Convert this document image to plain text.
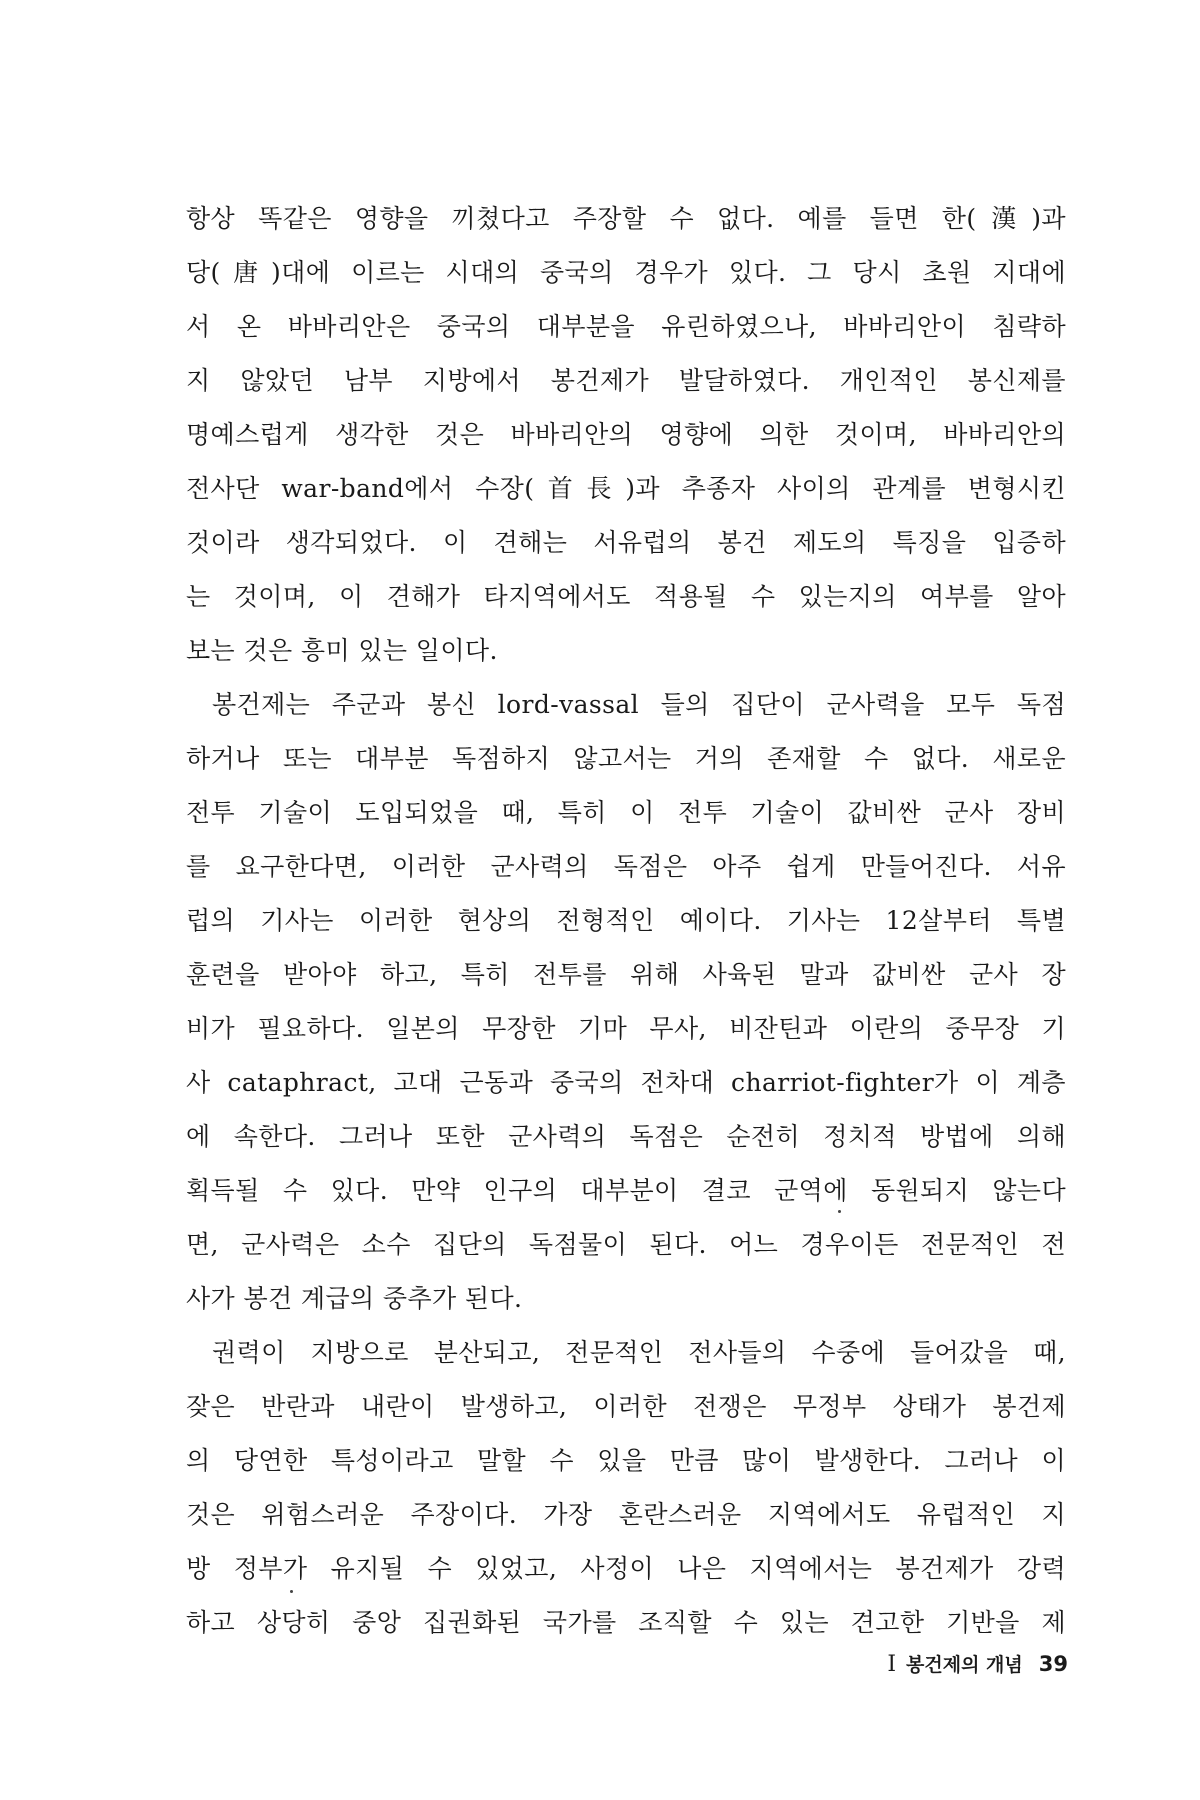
항상 똑같은 영향을 끼쳤다고 주장할 수 없다. 예를 들면 한(漢)과
당(唐)대에 이르는 시대의 중국의 경우가 있다. 그 당시 초원 지대에
서 온 바바리안은 중국의 대부분을 유린하였으나, 바바리안이 침략하
지 않았던 남부 지방에서 봉건제가 발달하였다. 개인적인 봉신제를
명예스럽게 생각한 것은 바바리안의 영향에 의한 것이며, 바바리안의
전사단 war-band에서 수장(首長)과 추종자 사이의 관계를 변형시킨
것이라 생각되었다. 이 견해는 서유럽의 봉건 제도의 특징을 입증하
는 것이며, 이 견해가 타지역에서도 적용될 수 있는지의 여부를 알아
보는 것은 흥미 있는 일이다.

봉건제는 주군과 봉신 lord-vassal 들의 집단이 군사력을 모두 독점
하거나 또는 대부분 독점하지 않고서는 거의 존재할 수 없다. 새로운
전투 기술이 도입되었을 때, 특히 이 전투 기술이 값비싼 군사 장비
를 요구한다면, 이러한 군사력의 독점은 아주 쉽게 만들어진다. 서유
럽의 기사는 이러한 현상의 전형적인 예이다. 기사는 12살부터 특별
훈련을 받아야 하고, 특히 전투를 위해 사육된 말과 값비싼 군사 장
비가 필요하다. 일본의 무장한 기마 무사, 비잔틴과 이란의 중무장 기
사 cataphract, 고대 근동과 중국의 전차대 charriot-fighter가 이 계층
에 속한다. 그러나 또한 군사력의 독점은 순전히 정치적 방법에 의해
획득될 수 있다. 만약 인구의 대부분이 결코 군역에 동원되지 않는다
면, 군사력은 소수 집단의 독점물이 된다. 어느 경우이든 전문적인 전
사가 봉건 계급의 중추가 된다.

권력이 지방으로 분산되고, 전문적인 전사들의 수중에 들어갔을 때,
잦은 반란과 내란이 발생하고, 이러한 전쟁은 무정부 상태가 봉건제
의 당연한 특성이라고 말할 수 있을 만큼 많이 발생한다. 그러나 이
것은 위험스러운 주장이다. 가장 혼란스러운 지역에서도 유럽적인 지
방 정부가 유지될 수 있었고, 사정이 나은 지역에서는 봉건제가 강력
하고 상당히 중앙 집권화된 국가를 조직할 수 있는 견고한 기반을 제

I 봉건제의 개념 39
